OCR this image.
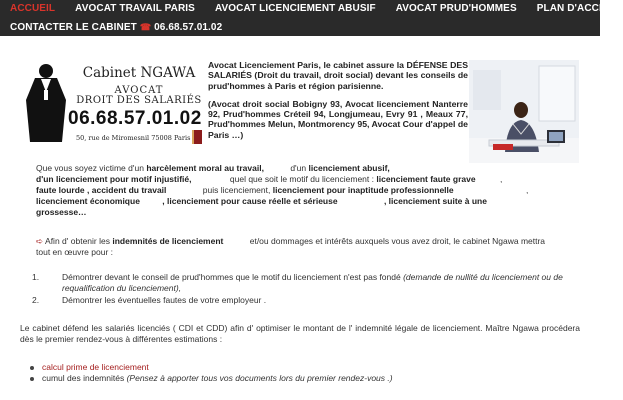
ACCUEIL	AVOCAT TRAVAIL PARIS	AVOCAT LICENCIEMENT ABUSIF	AVOCAT PRUD'HOMMES	PLAN D'ACCÈS
CONTACTER LE CABINET ☎ 06.68.57.01.02
Cabinet NGAWA
AVOCAT
DROIT DES SALARIÉS
06.68.57.01.02
50, rue de Miromesnil 75008 Paris

Avocat Licenciement Paris, le cabinet assure la DÉFENSE DES SALARIÉS (Droit du travail, droit social) devant les conseils de prud'hommes à Paris et région parisienne.

(Avocat droit social Bobigny 93, Avocat licenciement Nanterre 92, Prud'hommes Créteil 94, Longjumeau, Evry 91 , Meaux 77, Prud'hommes Melun, Montmorency 95, Avocat Cour d'appel de Paris …)

Que vous soyez victime d'un harcèlement moral au travail,	d'un licenciement abusif,
d'un licenciement pour motif injustifié,	quel que soit le motif du licenciement : licenciement faute grave	,
faute lourde , accident du travail	puis licenciement, licenciement pour inaptitude professionnelle	,
licenciement économique	, licenciement pour cause réelle et sérieuse	, licenciement suite à une
grossesse…
➪ Afin d' obtenir les indemnités de licenciement	et/ou dommages et intérêts auxquels vous avez droit, le cabinet Ngawa mettra
tout en œuvre pour :
1.	Démontrer devant le conseil de prud'hommes que le motif du licenciement n'est pas fondé (demande de nullité du licenciement ou de requalification du licenciement),
2.	Démontrer les éventuelles fautes de votre employeur .
Le cabinet défend les salariés licenciés ( CDI et CDD) afin d' optimiser le montant de l' indemnité légale de licenciement. Maître Ngawa procédera dès le premier rendez-vous à différentes estimations :
calcul prime de licenciement
cumul des indemnités (Pensez à apporter tous vos documents lors du premier rendez-vous .)
